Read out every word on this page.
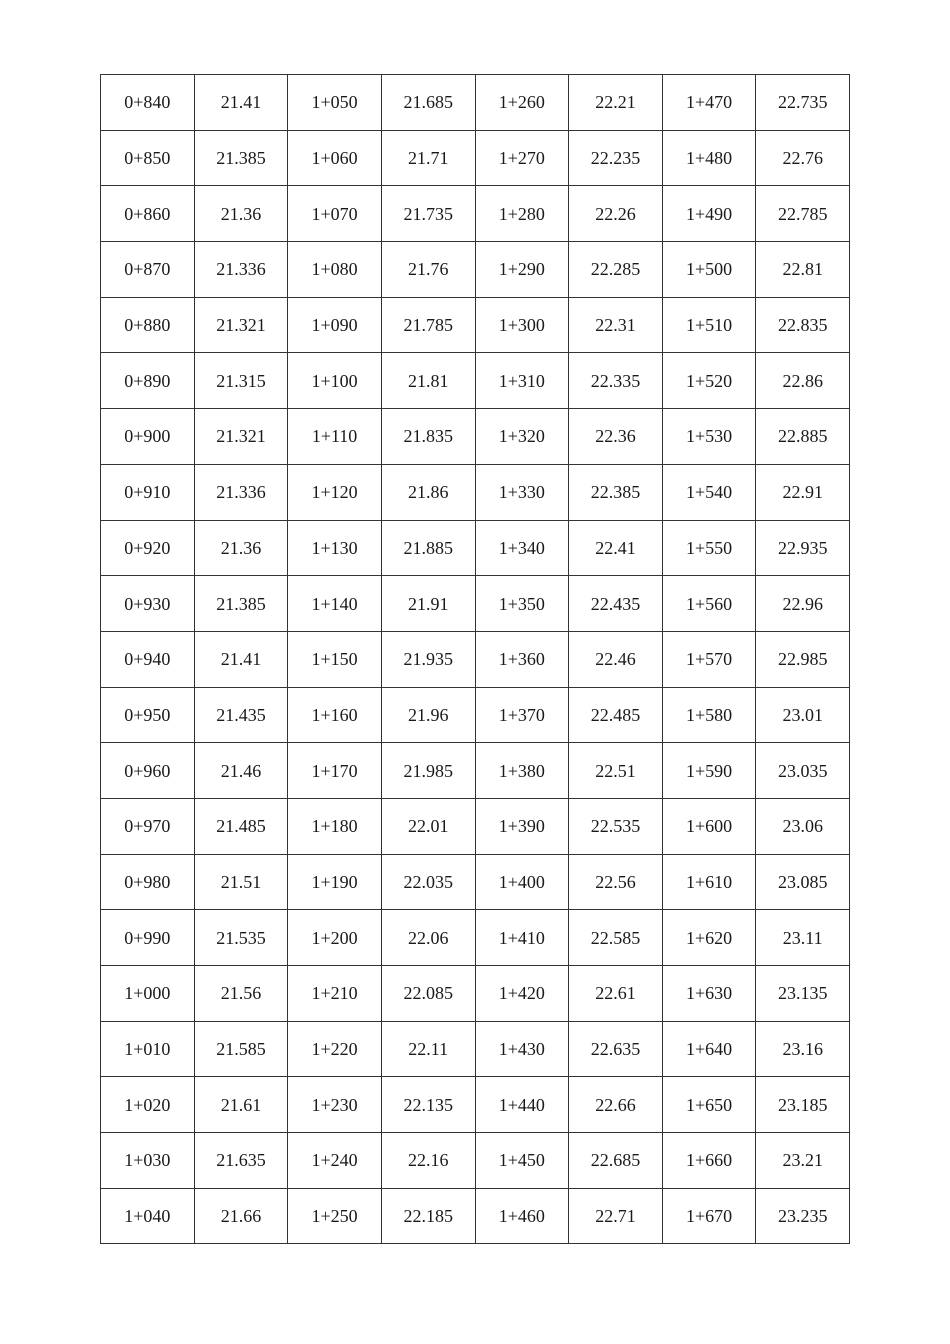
0+840	21.41	1+050	21.685	1+260	22.21	1+470	22.735
0+850	21.385	1+060	21.71	1+270	22.235	1+480	22.76
0+860	21.36	1+070	21.735	1+280	22.26	1+490	22.785
0+870	21.336	1+080	21.76	1+290	22.285	1+500	22.81
0+880	21.321	1+090	21.785	1+300	22.31	1+510	22.835
0+890	21.315	1+100	21.81	1+310	22.335	1+520	22.86
0+900	21.321	1+110	21.835	1+320	22.36	1+530	22.885
0+910	21.336	1+120	21.86	1+330	22.385	1+540	22.91
0+920	21.36	1+130	21.885	1+340	22.41	1+550	22.935
0+930	21.385	1+140	21.91	1+350	22.435	1+560	22.96
0+940	21.41	1+150	21.935	1+360	22.46	1+570	22.985
0+950	21.435	1+160	21.96	1+370	22.485	1+580	23.01
0+960	21.46	1+170	21.985	1+380	22.51	1+590	23.035
0+970	21.485	1+180	22.01	1+390	22.535	1+600	23.06
0+980	21.51	1+190	22.035	1+400	22.56	1+610	23.085
0+990	21.535	1+200	22.06	1+410	22.585	1+620	23.11
1+000	21.56	1+210	22.085	1+420	22.61	1+630	23.135
1+010	21.585	1+220	22.11	1+430	22.635	1+640	23.16
1+020	21.61	1+230	22.135	1+440	22.66	1+650	23.185
1+030	21.635	1+240	22.16	1+450	22.685	1+660	23.21
1+040	21.66	1+250	22.185	1+460	22.71	1+670	23.235
